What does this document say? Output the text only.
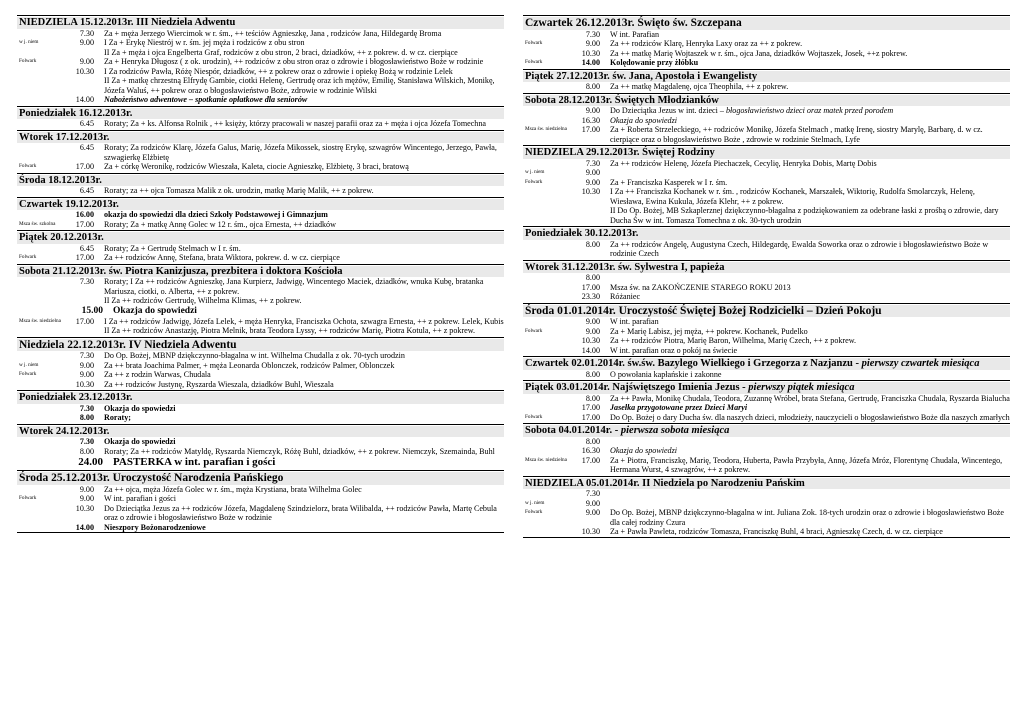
NIEDZIELA 15.12.2013r. III Niedziela Adwentu
7.30	Za + męża Jerzego Wiercimok w r. śm., ++ teściów Agnieszkę, Jana , rodziców Jana, Hildegardę Broma
w j. niem	9.00	I Za + Erykę Niestrój w r. śm. jej męża i rodziców z obu stron
II Za + męża i ojca Engelberta Graf, rodziców z obu stron, 2 braci, dziadków, ++ z pokrew. d. w cz. cierpiące
Folwark	9.00	Za + Henryka Długosz ( z ok. urodzin), ++ rodziców z obu stron oraz o zdrowie i błogosławieństwo Boże w rodzinie
10.30	I Za rodziców Pawła, Różę Niespór, dziadków, ++ z pokrew oraz o zdrowie i opiekę Bożą w rodzinie Lelek
II Za + matkę chrzestną Elfrydę Gambie, ciotki Helenę, Gertrudę oraz ich mężów, Emilię, Stanisława Wilskich, Monikę, Józefa Waluś, ++ pokrew oraz o błogosławieństwo Boże, zdrowie w rodzinie Wilski
14.00	Nabożeństwo adwentowe – spotkanie opłatkowe dla seniorów
Poniedziałek 16.12.2013r.
6.45	Roraty; Za + ks. Alfonsa Rolnik , ++ księży, którzy pracowali w naszej parafii oraz za + męża i ojca Józefa Tomechna
Wtorek 17.12.2013r.
6.45	Roraty; Za rodziców Klarę, Józefa Galus, Marię, Józefa Mikossek, siostrę Erykę, szwagrów Wincentego, Jerzego, Pawła, szwagierkę Elżbietę
Folwark	17.00	Za + córkę Weronikę, rodziców Wieszała, Kaleta, ciocie Agnieszkę, Elżbietę, 3 braci, bratową
Środa 18.12.2013r.
6.45	Roraty; za ++ ojca Tomasza Malik z ok. urodzin, matkę Marię Malik, ++ z pokrew.
Czwartek 19.12.2013r.
16.00	okazja do spowiedzi dla dzieci Szkoły Podstawowej i Gimnazjum
Msza św. szkolna	17.00	Roraty; Za + matkę Annę Golec w 12 r. śm., ojca Ernesta, ++ dziadków
Piątek 20.12.2013r.
6.45	Roraty; Za + Gertrudę Stelmach w I r. śm.
Folwark	17.00	Za ++ rodziców Annę, Stefana, brata Wiktora, pokrew. d. w cz. cierpiące
Sobota 21.12.2013r. św. Piotra Kanizjusza, prezbitera i doktora Kościoła
7.30	Roraty; I Za ++ rodziców Agnieszkę, Jana Kurpierz, Jadwigę, Wincentego Maciek, dziadków, wnuka Kubę, bratanka Mariusza, ciotki, o. Alberta, ++ z pokrew.
II Za ++ rodziców Gertrudę, Wilhelma Klimas, ++ z pokrew.
15.00	Okazja do spowiedzi
Msza św. niedzielna	17.00	I Za ++ rodziców Jadwigę, Józefa Lelek, + męża Henryka, Franciszka Ochota, szwagra Ernesta, ++ z pokrew. Lelek, Kubis
II Za ++ rodziców Anastazję, Piotra Melnik, brata Teodora Lyssy, ++ rodziców Marię, Piotra Kotula, ++ z pokrew.
Niedziela 22.12.2013r. IV Niedziela Adwentu
7.30	Do Op. Bożej, MBNP dziękczynno-błagalna w int. Wilhelma Chudalla z ok. 70-tych urodzin
w j. niem	9.00	Za ++ brata Joachima Palmer, + męża Leonarda Oblonczek, rodziców Palmer, Oblonczek
Folwark	9.00	Za ++ z rodzin Warwas, Chudala
10.30	Za ++ rodziców Justynę, Ryszarda Wieszala, dziadków Buhl, Wieszala
Poniedziałek 23.12.2013r.
7.30	Okazja do spowiedzi
8.00	Roraty;
Wtorek 24.12.2013r.
7.30	Okazja do spowiedzi
8.00	Roraty; Za ++ rodziców Matyldę, Ryszarda Niemczyk, Różę Buhl, dziadków, ++ z pokrew. Niemczyk, Szemainda, Buhl
24.00 PASTERKA w int. parafian i gości
Środa 25.12.2013r. Uroczystość Narodzenia Pańskiego
9.00	Za ++ ojca, męża Józefa Golec w r. śm., męża Krystiana, brata Wilhelma Golec
Folwark	9.00	W int. parafian i gości
10.30	Do Dzieciątka Jezus za ++ rodziców Józefa, Magdalenę Szindzielorz, brata Wilibalda, ++ rodziców Pawła, Martę Cebula oraz o zdrowie i błogosławieństwo Boże w rodzinie
14.00	Nieszpory Bożonarodzeniowe
Czwartek 26.12.2013r. Święto św. Szczepana
7.30	W int. Parafian
Folwark	9.00	Za ++ rodziców Klarę, Henryka Laxy oraz za ++ z pokrew.
10.30	Za ++ matkę Marię Wojtaszek w r. śm., ojca Jana, dziadków Wojtaszek, Josek, ++z pokrew.
Folwark	14.00	Kolędowanie przy żłóbku
Piątek 27.12.2013r. św. Jana, Apostoła i Ewangelisty
8.00	Za ++ matkę Magdalenę, ojca Theophila, ++ z pokrew.
Sobota 28.12.2013r. Świętych Młodzianków
9.00	Do Dzieciątka Jezus w int. dzieci – błogosławieństwo dzieci oraz matek przed porodem
16.30	Okazja do spowiedzi
Msza św. niedzielna	17.00	Za + Roberta Strzeleckiego, ++ rodziców Monikę, Józefa Stelmach , matkę Irenę, siostry Marylę, Barbarę, d. w cz. cierpiące oraz o błogosławieństwo Boże , zdrowie w rodzinie Stelmach, Lyfe
NIEDZIELA 29.12.2013r. Świętej Rodziny
7.30	Za ++ rodziców Helenę, Józefa Piechaczek, Cecylię, Henryka Dobis, Martę Dobis
w j. niem	9.00
Folwark	9.00	Za + Franciszka Kasperek w I r. śm.
10.30	I Za ++ Franciszka Kochanek w r. śm. , rodziców Kochanek, Marszałek, Wiktorię, Rudolfa Smolarczyk, Helenę, Wiesława, Ewina Kukula, Józefa Klehr, ++ z pokrew.
II Do Op. Bożej, MB Szkaplerznej dziękczynno-błagalna z podziękowaniem za odebrane łaski z prośbą o zdrowie, dary Ducha Św w int. Tomasza Tomechna z ok. 30-tych urodzin
Poniedziałek 30.12.2013r.
8.00	Za ++ rodziców Angelę, Augustyna Czech, Hildegardę, Ewalda Soworka oraz o zdrowie i błogosławieństwo Boże w rodzinie Czech
Wtorek 31.12.2013r. św. Sylwestra I, papieża
8.00
17.00	Msza św. na ZAKOŃCZENIE STAREGO ROKU 2013
23.30	Różaniec
Środa 01.01.2014r. Uroczystość Świętej Bożej Rodzicielki – Dzień Pokoju
9.00	W int. parafian
Folwark	9.00	Za + Marię Labisz, jej męża, ++ pokrew. Kochanek, Pudelko
10.30	Za ++ rodziców Piotra, Marię Baron, Wilhelma, Marię Czech, ++ z pokrew.
14.00	W int. parafian oraz o pokój na świecie
Czwartek 02.01.2014r. św.św. Bazylego Wielkiego i Grzegorza z Nazjanzu - pierwszy czwartek miesiąca
8.00	O powołania kapłańskie i zakonne
Piątek 03.01.2014r. Najświętszego Imienia Jezus - pierwszy piątek miesiąca
8.00	Za ++ Pawła, Monikę Chudala, Teodora, Zuzannę Wróbel, brata Stefana, Gertrudę, Franciszka Chudala, Ryszarda Bialucha
17.00	Jasełka przygotowane przez Dzieci Maryi
Folwark	17.00	Do Op. Bożej o dary Ducha św. dla naszych dzieci, młodzieży, nauczycieli o błogosławieństwo Boże dla naszych zmarłych
Sobota 04.01.2014r. - pierwsza sobota miesiąca
8.00
16.30	Okazja do spowiedzi
Msza św. niedzielna	17.00	Za + Piotra, Franciszkę, Marię, Teodora, Huberta, Pawła Przybyła, Annę, Józefa Mróz, Florentynę Chudala, Wincentego, Hermana Wurst, 4 szwagrów, ++ z pokrew.
NIEDZIELA 05.01.2014r. II Niedziela po Narodzeniu Pańskim
7.30
w j. niem	9.00
Folwark	9.00	Do Op. Bożej, MBNP dziękczynno-błagalna w int. Juliana Zok. 18-tych urodzin oraz o zdrowie i błogosławieństwo Boże dla całej rodziny Czura
10.30	Za + Pawła Pawleta, rodziców Tomasza, Franciszkę Buhl, 4 braci, Agnieszkę Czech, d. w cz. cierpiące
